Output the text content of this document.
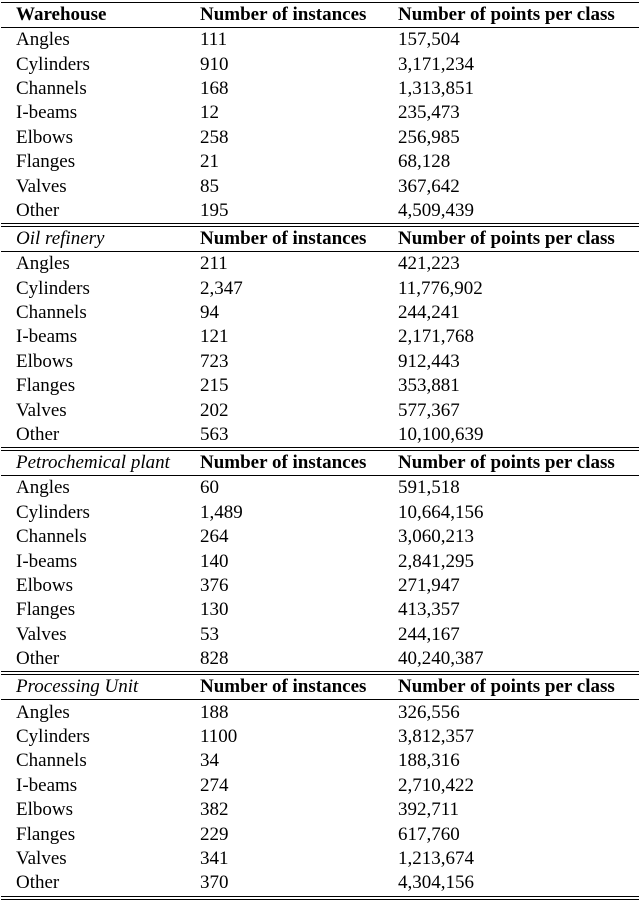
Warehouse	Number of instances	Number of points per class
Angles	111	157,504
Cylinders	910	3,171,234
Channels	168	1,313,851
I-beams	12	235,473
Elbows	258	256,985
Flanges	21	68,128
Valves	85	367,642
Other	195	4,509,439
Oil refinery	Number of instances	Number of points per class
Angles	211	421,223
Cylinders	2,347	11,776,902
Channels	94	244,241
I-beams	121	2,171,768
Elbows	723	912,443
Flanges	215	353,881
Valves	202	577,367
Other	563	10,100,639
Petrochemical plant	Number of instances	Number of points per class
Angles	60	591,518
Cylinders	1,489	10,664,156
Channels	264	3,060,213
I-beams	140	2,841,295
Elbows	376	271,947
Flanges	130	413,357
Valves	53	244,167
Other	828	40,240,387
Processing Unit	Number of instances	Number of points per class
Angles	188	326,556
Cylinders	1100	3,812,357
Channels	34	188,316
I-beams	274	2,710,422
Elbows	382	392,711
Flanges	229	617,760
Valves	341	1,213,674
Other	370	4,304,156
